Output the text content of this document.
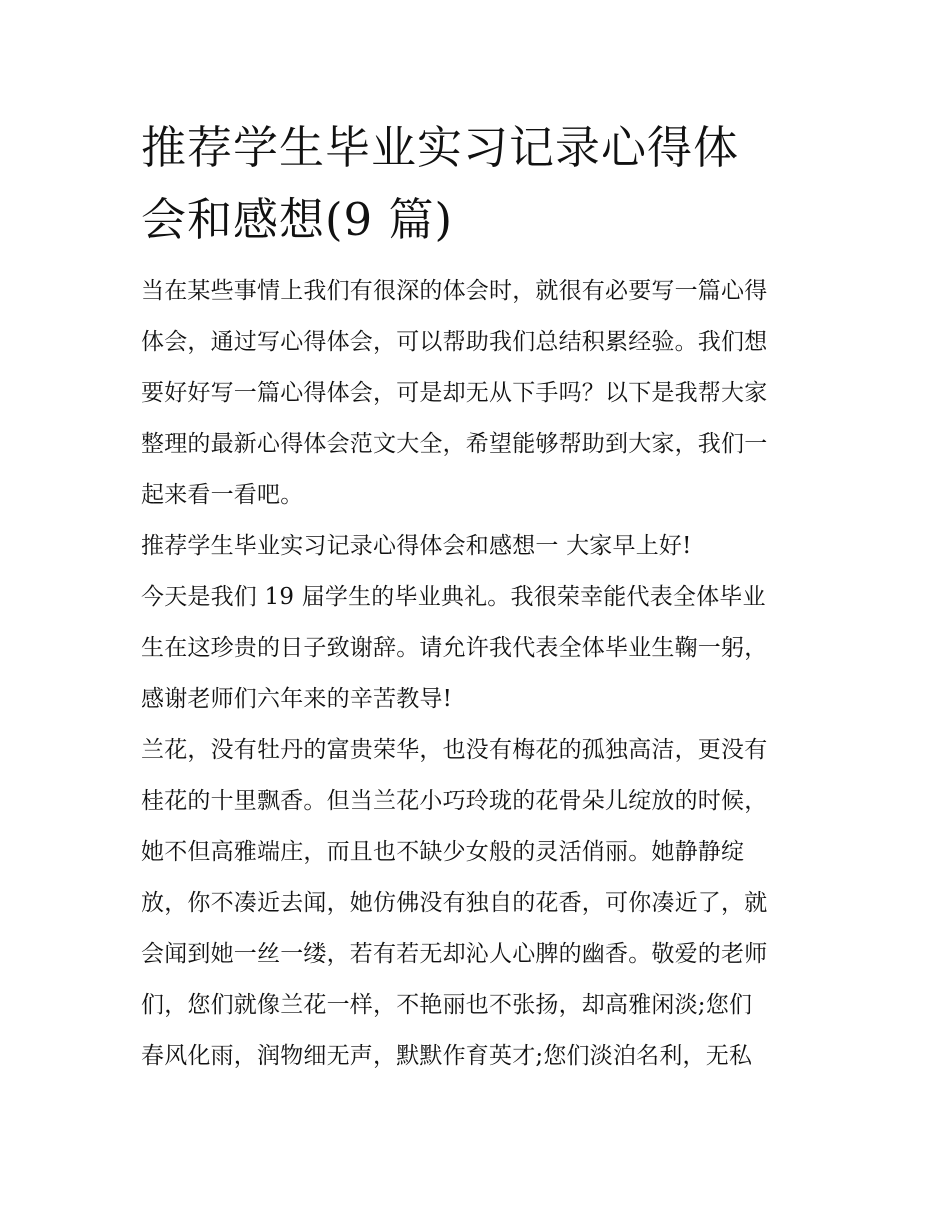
推荐学生毕业实习记录心得体
会和感想(9 篇)
当在某些事情上我们有很深的体会时，就很有必要写一篇心得
体会，通过写心得体会，可以帮助我们总结积累经验。我们想
要好好写一篇心得体会，可是却无从下手吗？以下是我帮大家
整理的最新心得体会范文大全，希望能够帮助到大家，我们一
起来看一看吧。
推荐学生毕业实习记录心得体会和感想一 大家早上好!
今天是我们 19 届学生的毕业典礼。我很荣幸能代表全体毕业
生在这珍贵的日子致谢辞。请允许我代表全体毕业生鞠一躬，
感谢老师们六年来的辛苦教导!
兰花，没有牡丹的富贵荣华，也没有梅花的孤独高洁，更没有
桂花的十里飘香。但当兰花小巧玲珑的花骨朵儿绽放的时候，
她不但高雅端庄，而且也不缺少女般的灵活俏丽。她静静绽
放，你不凑近去闻，她仿佛没有独自的花香，可你凑近了，就
会闻到她一丝一缕，若有若无却沁人心脾的幽香。敬爱的老师
们，您们就像兰花一样，不艳丽也不张扬，却高雅闲淡;您们
春风化雨，润物细无声，默默作育英才;您们淡泊名利，无私
